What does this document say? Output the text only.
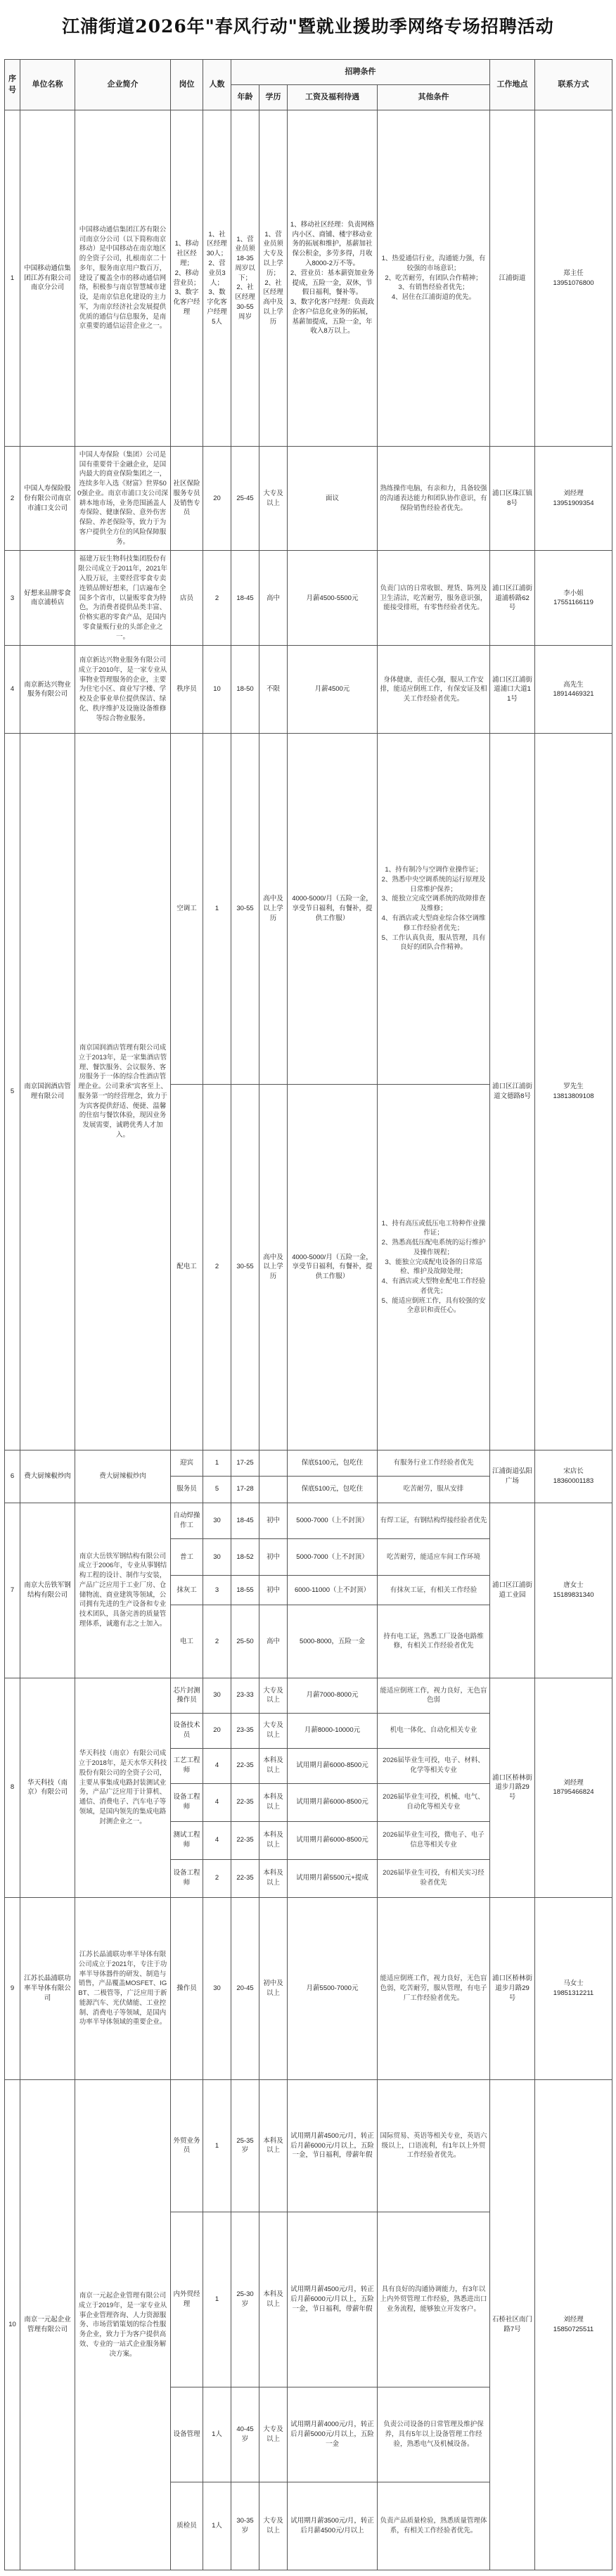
江浦街道2026年"春风行动"暨就业援助季网络专场招聘活动
序号	单位名称	企业简介	岗位	人数	招聘条件				工作地点	联系方式
					年龄	学历	工资及福利待遇	其他条件		
1	中国移动通信集团江苏有限公司南京分公司	中国移动通信集团江苏有限公司南京分公司（以下简称南京移动）是中国移动在南京地区的全资子公司，扎根南京二十多年，服务南京用户数百万，建设了覆盖全市的移动通信网络，积极参与南京智慧城市建设，是南京信息化建设的主力军，为南京经济社会发展提供优质的通信与信息服务，是南京重要的通信运营企业之一。	1、移动社区经理；
2、移动营业员；
3、数字化客户经理	1、社区经理30人；
2、营业员3人；
3、数字化客户经理5人	1、营业员须18-35周岁以下；
2、社区经理30-55周岁	1、营业员须大专及以上学历；
2、社区经理高中及以上学历	1、移动社区经理：负责网格内小区、商铺、楼宇移动业务的拓展和维护，基薪加社保公积金，多劳多得，月收入8000-2万不等。
2、营业员：基本薪资加业务提成，五险一金，双休，节假日福利，餐补等。
3、数字化客户经理：负责政企客户信息化业务的拓展，基薪加提成，五险一金，年收入8万以上。	1、热爱通信行业，沟通能力强，有较强的市场意识；
2、吃苦耐劳，有团队合作精神；
3、有销售经验者优先；
4、居住在江浦街道的优先。	江浦街道	郑主任
13951076800
2	中国人寿保险股份有限公司南京市浦口支公司	中国人寿保险（集团）公司是国有重要骨干金融企业，是国内最大的商业保险集团之一，连续多年入选《财富》世界500强企业。南京市浦口支公司深耕本地市场，业务范围涵盖人寿保险、健康保险、意外伤害保险、养老保险等，致力于为客户提供全方位的风险保障服务。	社区保险服务专员及销售专员	20	25-45	大专及以上	面议	熟练操作电脑，有亲和力，具备较强的沟通表达能力和团队协作意识，有保险销售经验者优先。	浦口区珠江镇8号	刘经理
13951909354
3	好想来品牌零食南京浦桥店	福建万辰生物科技集团股份有限公司成立于2011年，2021年入股万辰，主要经营零食专卖连锁品牌好想来，门店遍布全国多个省市，以量贩零食为特色，为消费者提供品类丰富、价格实惠的零食产品，是国内零食量贩行业的头部企业之一。	店员	2	18-45	高中	月薪4500-5500元	负责门店的日常收银、理货、陈列及卫生清洁，吃苦耐劳，服务意识强，能接受排班，有零售经验者优先。	浦口区江浦街道浦桥路62号	李小姐
17551166119
4	南京新达兴物业服务有限公司	南京新达兴物业服务有限公司成立于2010年，是一家专业从事物业管理服务的企业，主要为住宅小区、商业写字楼、学校及企事业单位提供保洁、绿化、秩序维护及设施设备维修等综合物业服务。	秩序员	10	18-50	不限	月薪4500元	身体健康，责任心强，服从工作安排，能适应倒班工作，有保安证及相关工作经验者优先。	浦口区江浦街道浦口大道11号	高先生
18914469321
5	南京国润酒店管理有限公司	南京国润酒店管理有限公司成立于2013年，是一家集酒店管理、餐饮服务、会议服务、客房服务于一体的综合性酒店管理企业。公司秉承"宾客至上、服务第一"的经营理念，致力于为宾客提供舒适、便捷、温馨的住宿与餐饮体验，现因业务发展需要，诚聘优秀人才加入。	空调工	1	30-55	高中及以上学历	4000-5000/月（五险一金，享受节日福利，有餐补，提供工作服）	1、持有制冷与空调作业操作证；
2、熟悉中央空调系统的运行原理及日常维护保养；
3、能独立完成空调系统的故障排查及维修；
4、有酒店或大型商业综合体空调维修工作经验者优先；
5、工作认真负责，服从管理，具有良好的团队合作精神。	浦口区江浦街道文德路8号	罗先生
13813809108
			配电工	2	30-55	高中及以上学历	4000-5000/月（五险一金，享受节日福利，有餐补，提供工作服）	1、持有高压或低压电工特种作业操作证；
2、熟悉高低压配电系统的运行维护及操作规程；
3、能独立完成配电设备的日常巡检、维护及故障处理；
4、有酒店或大型物业配电工作经验者优先；
5、能适应倒班工作，具有较强的安全意识和责任心。		
6	费大厨辣椒炒肉	费大厨辣椒炒肉	迎宾	1	17-25		保底5100元，包吃住	有服务行业工作经验者优先	江浦街道弘阳广场	宋店长
18360001183
			服务员	5	17-28		保底5100元，包吃住	吃苦耐劳，服从安排		
7	南京大岳铁军钢结构有限公司	南京大岳铁军钢结构有限公司成立于2006年，专业从事钢结构工程的设计、制作与安装，产品广泛应用于工业厂房、仓储物流、商业建筑等领域，公司拥有先进的生产设备和专业技术团队，具备完善的质量管理体系，诚邀有志之士加入。	自动焊操作工	30	18-45	初中	5000-7000（上不封顶）	有焊工证，有钢结构焊接经验者优先	浦口区江浦街道工业园	唐女士
15189831340
			普工	30	18-52	初中	5000-7000（上不封顶）	吃苦耐劳，能适应车间工作环境		
			抹灰工	3	18-55	初中	6000-11000（上不封顶）	有抹灰工证，有相关工作经验		
			电工	2	25-50	高中	5000-8000，五险一金	持有电工证，熟悉工厂设备电路维修，有相关工作经验者优先		
8	华天科技（南京）有限公司	华天科技（南京）有限公司成立于2018年，是天水华天科技股份有限公司的全资子公司，主要从事集成电路封装测试业务，产品广泛应用于计算机、通信、消费电子、汽车电子等领域，是国内领先的集成电路封测企业之一。	芯片封测操作员	30	23-33	大专及以上	月薪7000-8000元	能适应倒班工作，视力良好，无色盲色弱	浦口区桥林街道步月路29号	刘经理
18795466824
			设备技术员	20	23-35	大专及以上	月薪8000-10000元	机电一体化、自动化相关专业		
			工艺工程师	4	22-35	本科及以上	试用期月薪6000-8500元	2026届毕业生可投，电子、材料、化学等相关专业		
			设备工程师	4	22-35	本科及以上	试用期月薪6000-8500元	2026届毕业生可投，机械、电气、自动化等相关专业		
			测试工程师	4	22-35	本科及以上	试用期月薪6000-8500元	2026届毕业生可投，微电子、电子信息等相关专业		
			设备工程师	2	22-35	本科及以上	试用期月薪5500元+提成	2026届毕业生可投，有相关实习经验者优先		
9	江苏长晶浦联功率半导体有限公司	江苏长晶浦联功率半导体有限公司成立于2021年，专注于功率半导体器件的研发、制造与销售，产品覆盖MOSFET、IGBT、二极管等，广泛应用于新能源汽车、光伏储能、工业控制、消费电子等领域，是国内功率半导体领域的重要企业。	操作员	30	20-45	初中及以上	月薪5500-7000元	能适应倒班工作，视力良好，无色盲色弱，吃苦耐劳，服从管理，有电子厂工作经验者优先。	浦口区桥林街道步月路29号	马女士
19851312211
10	南京一元起企业管理有限公司	南京一元起企业管理有限公司成立于2019年，是一家专业从事企业管理咨询、人力资源服务、市场营销策划的综合性服务企业，致力于为客户提供高效、专业的一站式企业服务解决方案。	外贸业务员	1	25-35岁	本科及以上	试用期月薪4500元/月，转正后月薪6000元/月以上，五险一金，节日福利，带薪年假	国际贸易、英语等相关专业，英语六级以上，口语流利，有1年以上外贸工作经验者优先。	石桥社区南门路7号	刘经理
15850725511
			内外贸经理	1	25-30岁	本科及以上	试用期月薪4500元/月，转正后月薪6000元/月以上，五险一金，节日福利，带薪年假	具有良好的沟通协调能力，有3年以上内外贸管理工作经验，熟悉进出口业务流程，能够独立开发客户。		
			设备管理	1人	40-45岁	大专及以上	试用期月薪4000元/月，转正后月薪5000元/月以上，五险一金	负责公司设备的日常管理及维护保养，具有5年以上设备管理工作经验，熟悉电气及机械设备。		
			质检员	1人	30-35岁	大专及以上	试用期月薪3500元/月，转正后月薪4500元/月以上	负责产品质量检验，熟悉质量管理体系，有相关工作经验者优先。		
